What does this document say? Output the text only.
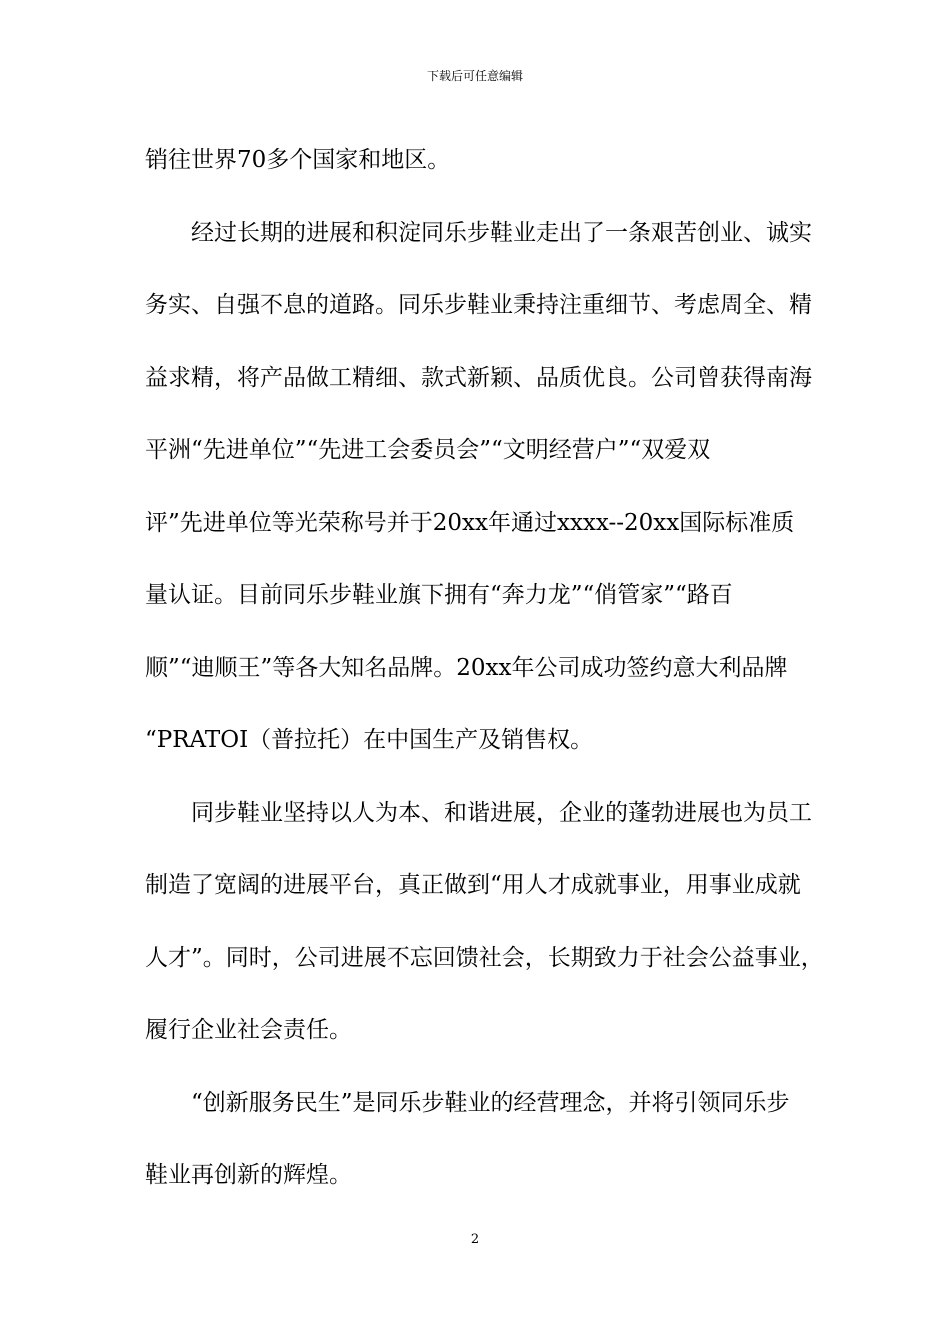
下载后可任意编辑

销往世界70多个国家和地区。

经过长期的进展和积淀同乐步鞋业走出了一条艰苦创业、诚实
务实、自强不息的道路。同乐步鞋业秉持注重细节、考虑周全、精
益求精，将产品做工精细、款式新颖、品质优良。公司曾获得南海
平洲“先进单位”“先进工会委员会”“文明经营户”“双爱双
评”先进单位等光荣称号并于20xx年通过xxxx--20xx国际标准质
量认证。目前同乐步鞋业旗下拥有“奔力龙”“俏管家”“路百
顺”“迪顺王”等各大知名品牌。20xx年公司成功签约意大利品牌
“PRATOI（普拉托）在中国生产及销售权。

同步鞋业坚持以人为本、和谐进展，企业的蓬勃进展也为员工
制造了宽阔的进展平台，真正做到“用人才成就事业，用事业成就
人才”。同时，公司进展不忘回馈社会，长期致力于社会公益事业，
履行企业社会责任。

“创新服务民生”是同乐步鞋业的经营理念，并将引领同乐步
鞋业再创新的辉煌。

2
